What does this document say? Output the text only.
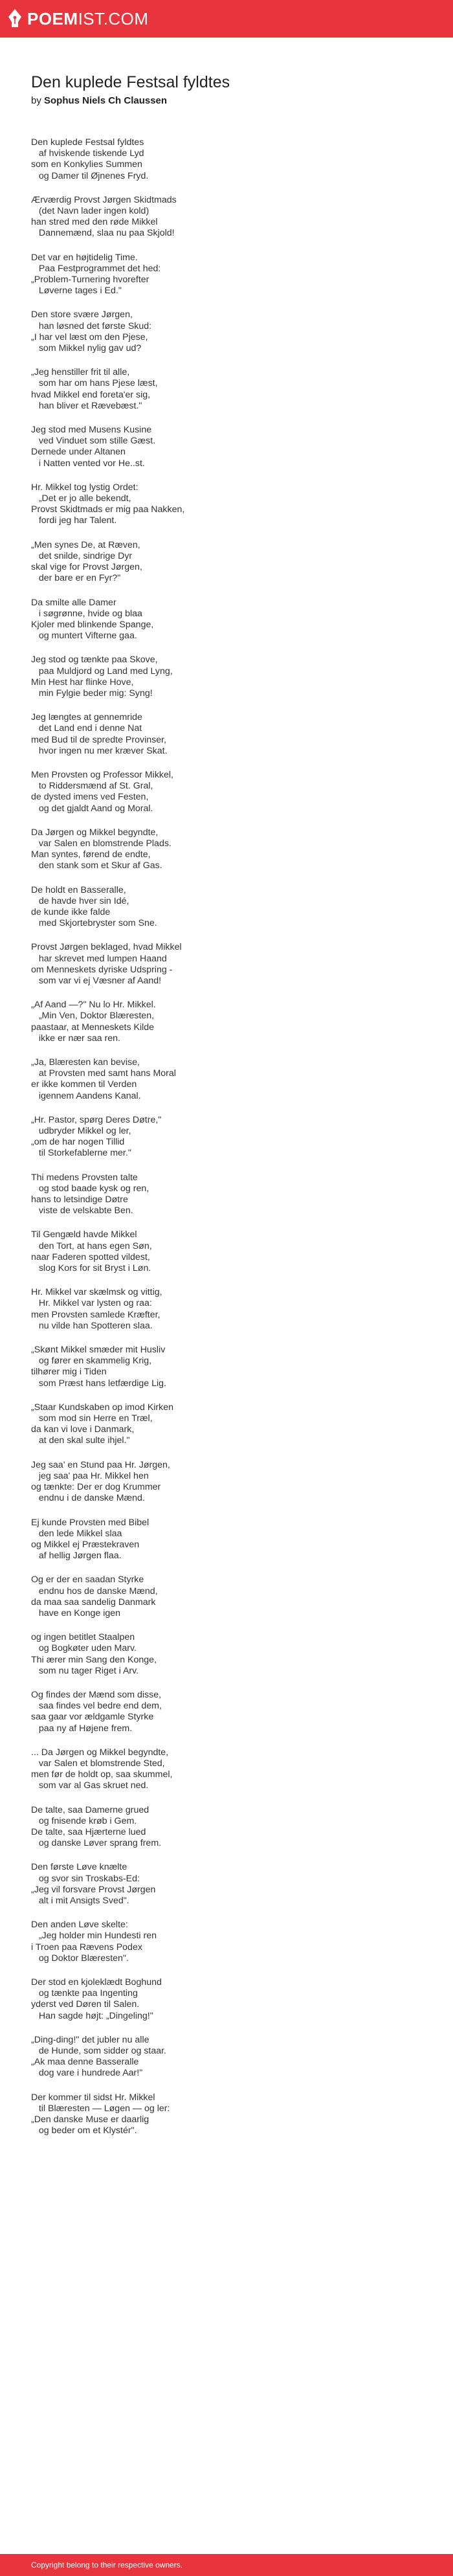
POEMIST.COM
Den kuplede Festsal fyldtes
by Sophus Niels Ch Claussen
Den kuplede Festsal fyldtes
af hviskende tiskende Lyd
som en Konkylies Summen
og Damer til Øjnenes Fryd.
Ærværdig Provst Jørgen Skidtmads
(det Navn lader ingen kold)
han stred med den røde Mikkel
Dannemænd, slaa nu paa Skjold!
Det var en højtidelig Time.
Paa Festprogrammet det hed:
„Problem-Turnering hvorefter
Løverne tages i Ed."
Den store svære Jørgen,
han løsned det første Skud:
„I har vel læst om den Pjese,
som Mikkel nylig gav ud?
„Jeg henstiller frit til alle,
som har om hans Pjese læst,
hvad Mikkel end foreta'er sig,
han bliver et Rævebæst."
Jeg stod med Musens Kusine
ved Vinduet som stille Gæst.
Dernede under Altanen
i Natten vented vor He..st.
Hr. Mikkel tog lystig Ordet:
„Det er jo alle bekendt,
Provst Skidtmads er mig paa Nakken,
fordi jeg har Talent.
„Men synes De, at Ræven,
det snilde, sindrige Dyr
skal vige for Provst Jørgen,
der bare er en Fyr?"
Da smilte alle Damer
i søgrønne, hvide og blaa
Kjoler med blinkende Spange,
og muntert Vifterne gaa.
Jeg stod og tænkte paa Skove,
paa Muldjord og Land med Lyng,
Min Hest har flinke Hove,
min Fylgie beder mig: Syng!
Jeg længtes at gennemride
det Land end i denne Nat
med Bud til de spredte Provinser,
hvor ingen nu mer kræver Skat.
Men Provsten og Professor Mikkel,
to Riddersmænd af St. Gral,
de dysted imens ved Festen,
og det gjaldt Aand og Moral.
Da Jørgen og Mikkel begyndte,
var Salen en blomstrende Plads.
Man syntes, førend de endte,
den stank som et Skur af Gas.
De holdt en Basseralle,
de havde hver sin Idé,
de kunde ikke falde
med Skjortebryster som Sne.
Provst Jørgen beklaged, hvad Mikkel
har skrevet med lumpen Haand
om Menneskets dyriske Udspring -
som var vi ej Væsner af Aand!
„Af Aand —?" Nu lo Hr. Mikkel.
„Min Ven, Doktor Blæresten,
paastaar, at Menneskets Kilde
ikke er nær saa ren.
„Ja, Blæresten kan bevise,
at Provsten med samt hans Moral
er ikke kommen til Verden
igennem Aandens Kanal.
„Hr. Pastor, spørg Deres Døtre,"
udbryder Mikkel og ler,
„om de har nogen Tillid
til Storkefablerne mer."
Thi medens Provsten talte
og stod baade kysk og ren,
hans to letsindige Døtre
viste de velskabte Ben.
Til Gengæld havde Mikkel
den Tort, at hans egen Søn,
naar Faderen spotted vildest,
slog Kors for sit Bryst i Løn.
Hr. Mikkel var skælmsk og vittig,
Hr. Mikkel var lysten og raa:
men Provsten samlede Kræfter,
nu vilde han Spotteren slaa.
„Skønt Mikkel smæder mit Husliv
og fører en skammelig Krig,
tilhører mig i Tiden
som Præst hans letfærdige Lig.
„Staar Kundskaben op imod Kirken
som mod sin Herre en Træl,
da kan vi love i Danmark,
at den skal sulte ihjel."
Jeg saa' en Stund paa Hr. Jørgen,
jeg saa' paa Hr. Mikkel hen
og tænkte: Der er dog Krummer
endnu i de danske Mænd.
Ej kunde Provsten med Bibel
den lede Mikkel slaa
og Mikkel ej Præstekraven
af hellig Jørgen flaa.
Og er der en saadan Styrke
endnu hos de danske Mænd,
da maa saa sandelig Danmark
have en Konge igen
og ingen betitlet Staalpen
og Bogkøter uden Marv.
Thi ærer min Sang den Konge,
som nu tager Riget i Arv.
Og findes der Mænd som disse,
saa findes vel bedre end dem,
saa gaar vor ældgamle Styrke
paa ny af Højene frem.
... Da Jørgen og Mikkel begyndte,
var Salen et blomstrende Sted,
men før de holdt op, saa skummel,
som var al Gas skruet ned.
De talte, saa Damerne grued
og fnisende krøb i Gem.
De talte, saa Hjærterne lued
og danske Løver sprang frem.
Den første Løve knælte
og svor sin Troskabs-Ed:
„Jeg vil forsvare Provst Jørgen
alt i mit Ansigts Sved".
Den anden Løve skelte:
„Jeg holder min Hundesti ren
i Troen paa Rævens Podex
og Doktor Blæresten".
Der stod en kjoleklædt Boghund
og tænkte paa Ingenting
yderst ved Døren til Salen.
Han sagde højt: „Dingeling!"
„Ding-ding!" det jubler nu alle
de Hunde, som sidder og staar.
„Ak maa denne Basseralle
dog vare i hundrede Aar!"
Der kommer til sidst Hr. Mikkel
til Blæresten — Løgen — og ler:
„Den danske Muse er daarlig
og beder om et Klystér".
Copyright belong to their respective owners.
